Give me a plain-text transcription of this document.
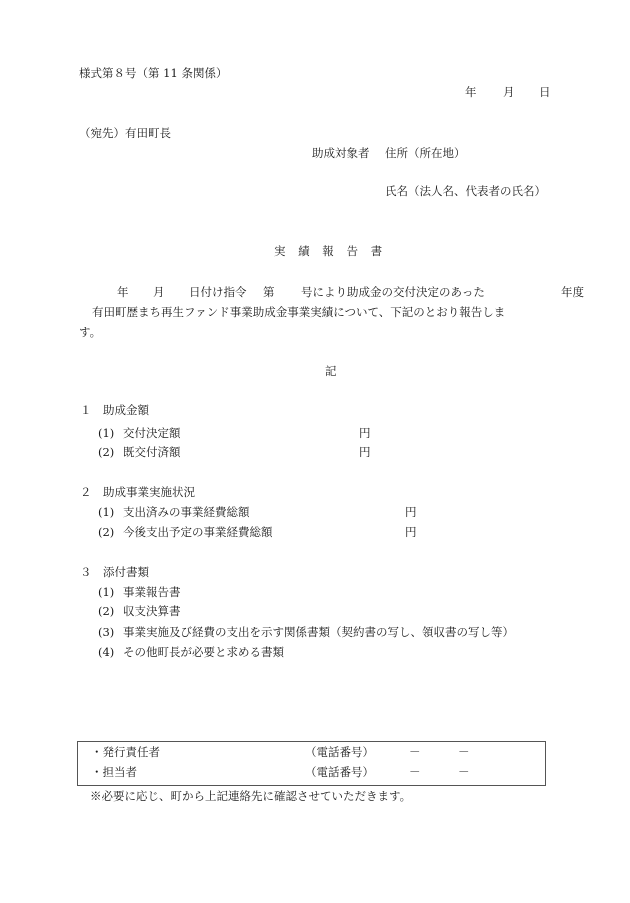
様式第８号（第 11 条関係）
年 月 日
（宛先）有田町長
助成対象者 住所（所在地）
氏名（法人名、代表者の氏名）
実 績 報 告 書
年 月 日付け指令 第 号により助成金の交付決定のあった	年度
有田町歴まち再生ファンド事業助成金事業実績について、下記のとおり報告しま
す。
記
１ 助成金額
(1) 交付決定額	円
(2) 既交付済額	円
２ 助成事業実施状況
(1) 支出済みの事業経費総額	円
(2) 今後支出予定の事業経費総額	円
３ 添付書類
(1) 事業報告書
(2) 収支決算書
(3) 事業実施及び経費の支出を示す関係書類（契約書の写し、領収書の写し等）
(4) その他町長が必要と求める書類
・発行責任者	（電話番号）	－	－
・担当者	（電話番号）	－	－
※必要に応じ、町から上記連絡先に確認させていただきます。
